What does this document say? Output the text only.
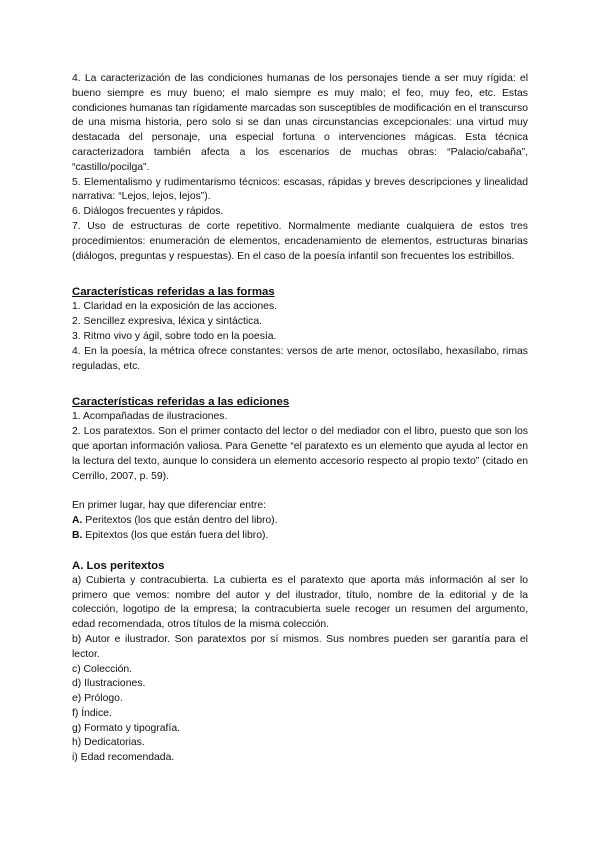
4. La caracterización de las condiciones humanas de los personajes tiende a ser muy rígida: el bueno siempre es muy bueno; el malo siempre es muy malo; el feo, muy feo, etc. Estas condiciones humanas tan rígidamente marcadas son susceptibles de modificación en el transcurso de una misma historia, pero solo si se dan unas circunstancias excepcionales: una virtud muy destacada del personaje, una especial fortuna o intervenciones mágicas. Esta técnica caracterizadora también afecta a los escenarios de muchas obras: “Palacio/cabaña”, “castillo/pocilga”.

5. Elementalismo y rudimentarismo técnicos: escasas, rápidas y breves descripciones y linealidad narrativa: “Lejos, lejos, lejos”).

6. Diálogos frecuentes y rápidos.

7. Uso de estructuras de corte repetitivo. Normalmente mediante cualquiera de estos tres procedimientos: enumeración de elementos, encadenamiento de elementos, estructuras binarias (diálogos, preguntas y respuestas). En el caso de la poesía infantil son frecuentes los estribillos.

Características referidas a las formas

1. Claridad en la exposición de las acciones.

2. Sencillez expresiva, léxica y sintáctica.

3. Ritmo vivo y ágil, sobre todo en la poesía.

4. En la poesía, la métrica ofrece constantes: versos de arte menor, octosílabo, hexasílabo, rimas reguladas, etc.

Características referidas a las ediciones

1. Acompañadas de ilustraciones.

2. Los paratextos. Son el primer contacto del lector o del mediador con el libro, puesto que son los que aportan información valiosa. Para Genette “el paratexto es un elemento que ayuda al lector en la lectura del texto, aunque lo considera un elemento accesorio respecto al propio texto” (citado en Cerrillo, 2007, p. 59).

En primer lugar, hay que diferenciar entre:

A. Peritextos (los que están dentro del libro).

B. Epitextos (los que están fuera del libro).

A. Los peritextos

a) Cubierta y contracubierta. La cubierta es el paratexto que aporta más información al ser lo primero que vemos: nombre del autor y del ilustrador, título, nombre de la editorial y de la colección, logotipo de la empresa; la contracubierta suele recoger un resumen del argumento, edad recomendada, otros títulos de la misma colección.

b) Autor e ilustrador. Son paratextos por sí mismos. Sus nombres pueden ser garantía para el lector.

c) Colección.

d) Ilustraciones.

e) Prólogo.

f) Índice.

g) Formato y tipografía.

h) Dedicatorias.

i) Edad recomendada.
